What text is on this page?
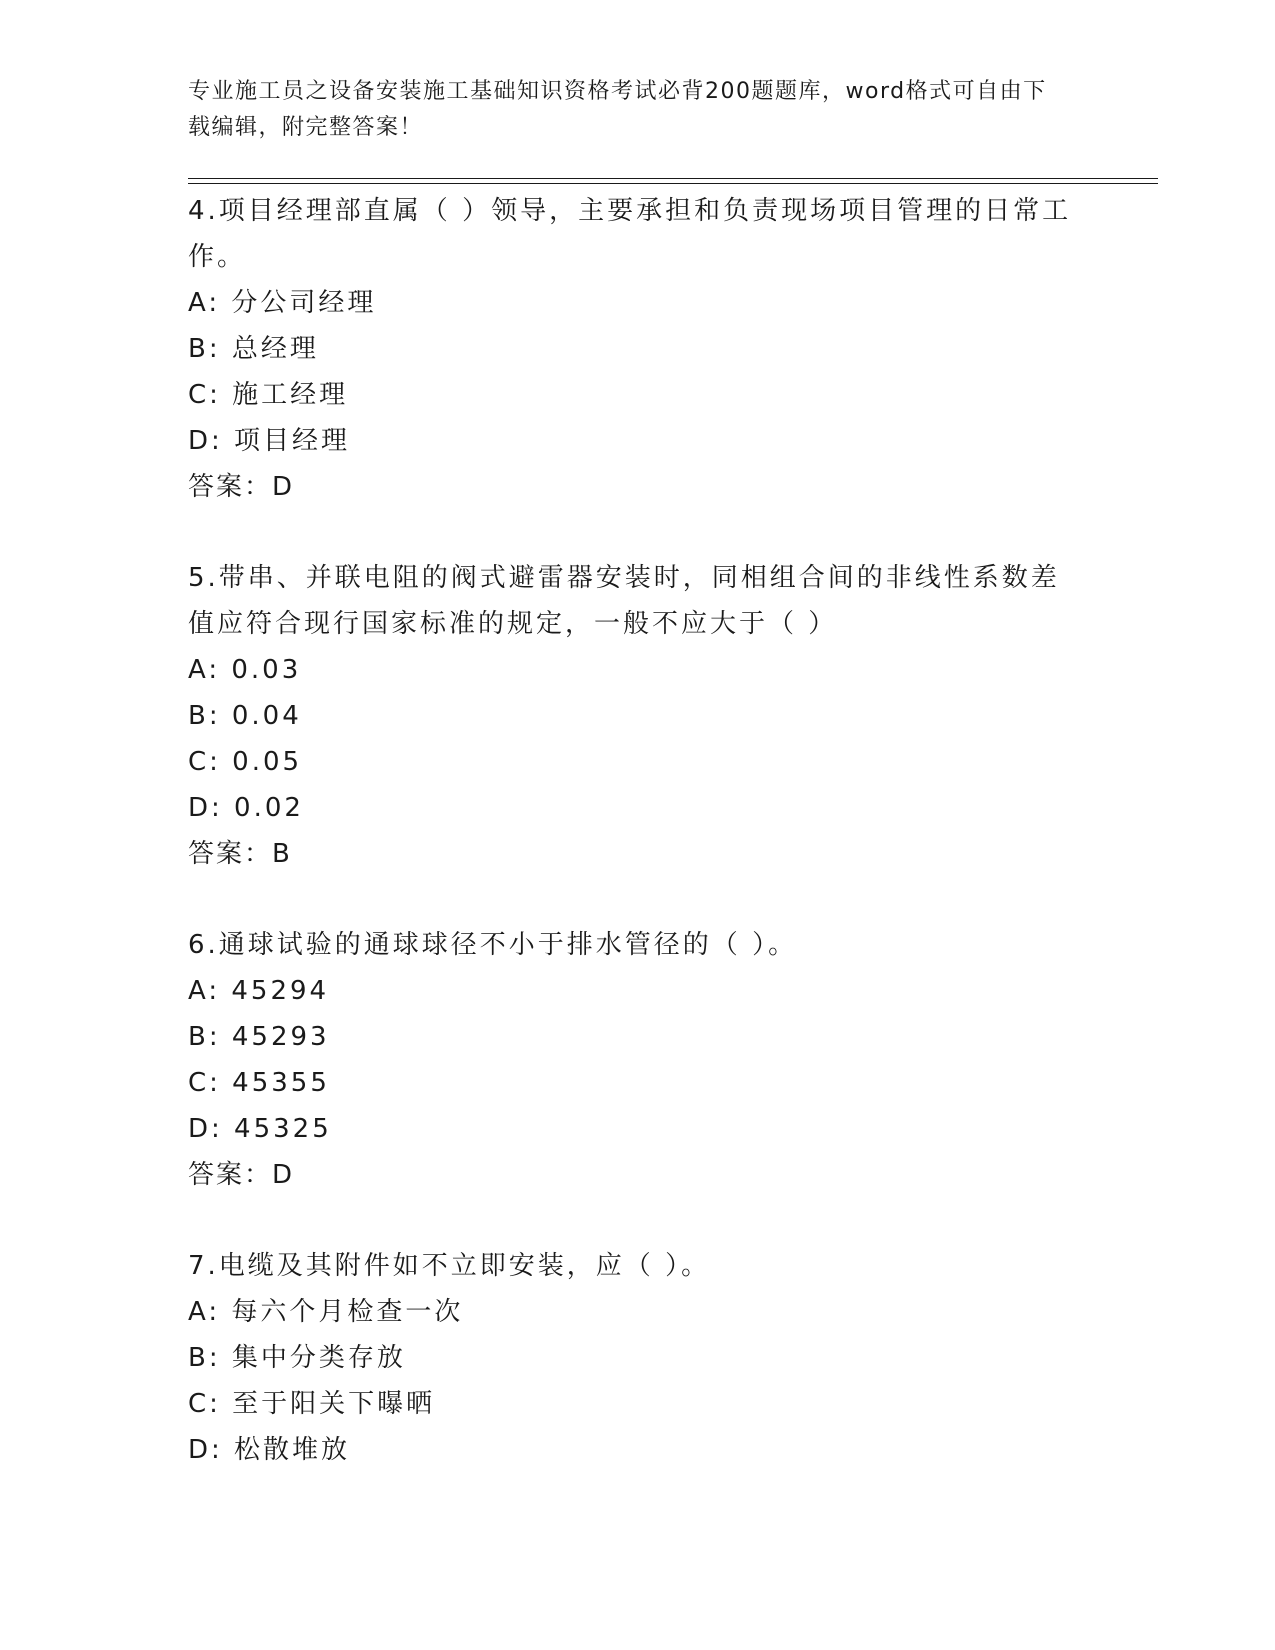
专业施工员之设备安装施工基础知识资格考试必背200题题库，word格式可自由下载编辑，附完整答案！

4.项目经理部直属（ ）领导，主要承担和负责现场项目管理的日常工作。

A: 分公司经理

B: 总经理

C: 施工经理

D: 项目经理

答案：D

5.带串、并联电阻的阀式避雷器安装时，同相组合间的非线性系数差值应符合现行国家标准的规定，一般不应大于（ ）

A: 0.03

B: 0.04

C: 0.05

D: 0.02

答案：B

6.通球试验的通球球径不小于排水管径的（ ）。

A: 45294

B: 45293

C: 45355

D: 45325

答案：D

7.电缆及其附件如不立即安装，应（ ）。

A: 每六个月检查一次

B: 集中分类存放

C: 至于阳关下曝晒

D: 松散堆放
